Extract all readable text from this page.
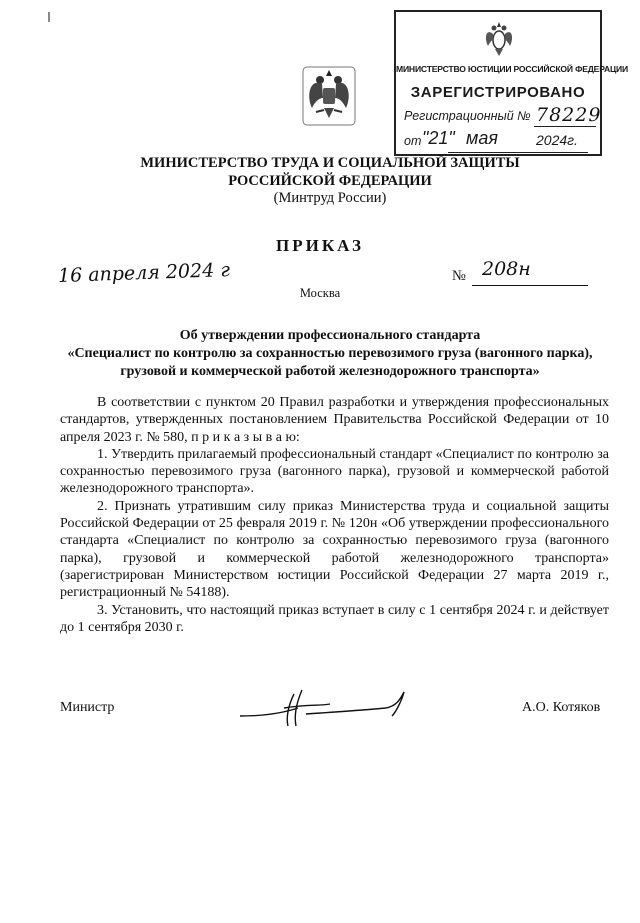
МИНИСТЕРСТВО ЮСТИЦИИ РОССИЙСКОЙ ФЕДЕРАЦИИ
ЗАРЕГИСТРИРОВАНО
Регистрационный № 78229
от "21" мая	2024г.
МИНИСТЕРСТВО ТРУДА И СОЦИАЛЬНОЙ ЗАЩИТЫ
РОССИЙСКОЙ ФЕДЕРАЦИИ
(Минтруд России)
ПРИКАЗ
16 апреля 2024 г	№ 208н
Москва
Об утверждении профессионального стандарта
«Специалист по контролю за сохранностью перевозимого груза (вагонного парка), грузовой и коммерческой работой железнодорожного транспорта»

В соответствии с пунктом 20 Правил разработки и утверждения профессиональных стандартов, утвержденных постановлением Правительства Российской Федерации от 10 апреля 2023 г. № 580, п р и к а з ы в а ю:

1. Утвердить прилагаемый профессиональный стандарт «Специалист по контролю за сохранностью перевозимого груза (вагонного парка), грузовой и коммерческой работой железнодорожного транспорта».

2. Признать утратившим силу приказ Министерства труда и социальной защиты Российской Федерации от 25 февраля 2019 г. № 120н «Об утверждении профессионального стандарта «Специалист по контролю за сохранностью перевозимого груза (вагонного парка), грузовой и коммерческой работой железнодорожного транспорта» (зарегистрирован Министерством юстиции Российской Федерации 27 марта 2019 г., регистрационный № 54188).

3. Установить, что настоящий приказ вступает в силу с 1 сентября 2024 г. и действует до 1 сентября 2030 г.

Министр	А.О. Котяков
